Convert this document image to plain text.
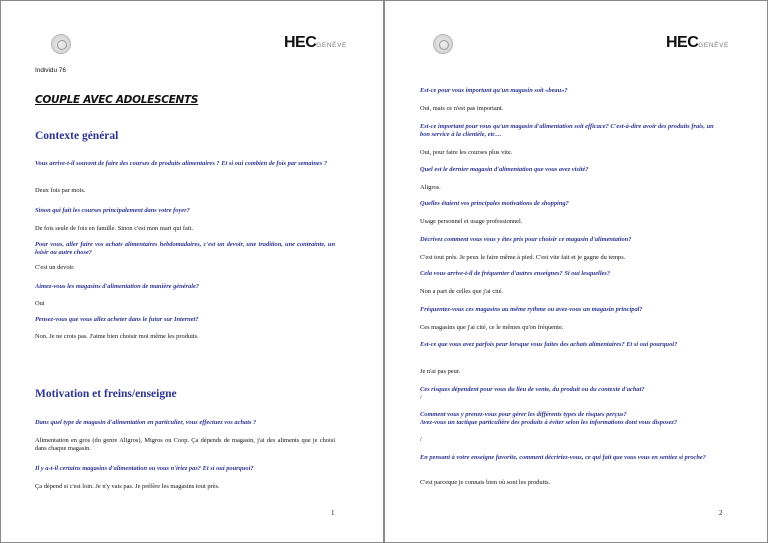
HECGENÈVE
Individu 76
COUPLE AVEC ADOLESCENTS
Contexte général
Vous arrive-t-il souvent de faire des courses de produits alimentaires ? Et si oui combien de fois par semaines ?
Deux fois par mois.
Sinon qui fait les courses principalement dans votre foyer?
De fois seule de fois en famille. Sinon c'est mon mari qui fait.
Pour vous, aller faire vos achats alimentaires hebdomadaires, c'est un devoir, une tradition, une contrainte, un loisir ou autre chose?
C'est un devoir.
Aimez-vous les magasins d'alimentation de manière générale?
Oui
Pensez-vous que vous allez acheter dans le futur sur Internet?
Non. Je ne crois pas. J'aime bien choisir moi même les produits.
Motivation et freins/enseigne
Dans quel type de magasin d'alimentation en particulier, vous effectuez vos achats ?
Alimentation en gros (du genre Aligros), Migros ou Coop. Ça dépends de magasin, j'ai des aliments que je choisi dans chaque magasin.
Il y a-t-il certains magasins d'alimentation ou vous n'iriez pas? Et si oui pourquoi?
Ça dépend si c'est loin. Je n'y vais pas. Je préfère les magasins tout près.
1
HECGENÈVE
Est-ce pour vous important qu'un magasin soit «beau»?
Oui, mais ce n'est pas important.
Est-ce important pour vous qu'un magasin d'alimentation soit efficace? C'est-à-dire avoir des produits frais, un bon service à la clientèle, etc…
Oui, pour faire les courses plus vite.
Quel est le dernier magasin d'alimentation que vous avez visité?
Aligros.
Quelles étaient vos principales motivations de shopping?
Usage personnel et usage professionnel.
Décrivez comment vous vous y êtes pris pour choisir ce magasin d'alimentation?
C'est tout près. Je peux le faire même à pied. C'est vite fait et je gagne du temps.
Cela vous arrive-t-il de fréquenter d'autres enseignes? Si oui lesquelles?
Non a part de celles que j'ai cité.
Fréquentez-vous ces magasins au même rythme ou avez-vous un magasin principal?
Ces magasins que j'ai cité, ce le mêmes qu'on fréquente.
Est-ce que vous avez parfois peur lorsque vous faites des achats alimentaires? Et si oui pourquoi?
Je n'ai pas peur.
Ces risques dépendent pour vous du lieu de vente, du produit ou du contexte d'achat?
/
Comment vous y prenez-vous pour gérer les différents types de risques perçus?
Avez-vous un tactique particulière des produits à éviter selon les informations dont vous disposez?
/
En pensant à votre enseigne favorite, comment décririez-vous, ce qui fait que vous vous en sentiez si proche?
C'est parceque je connais bien où sont les produits.
2
